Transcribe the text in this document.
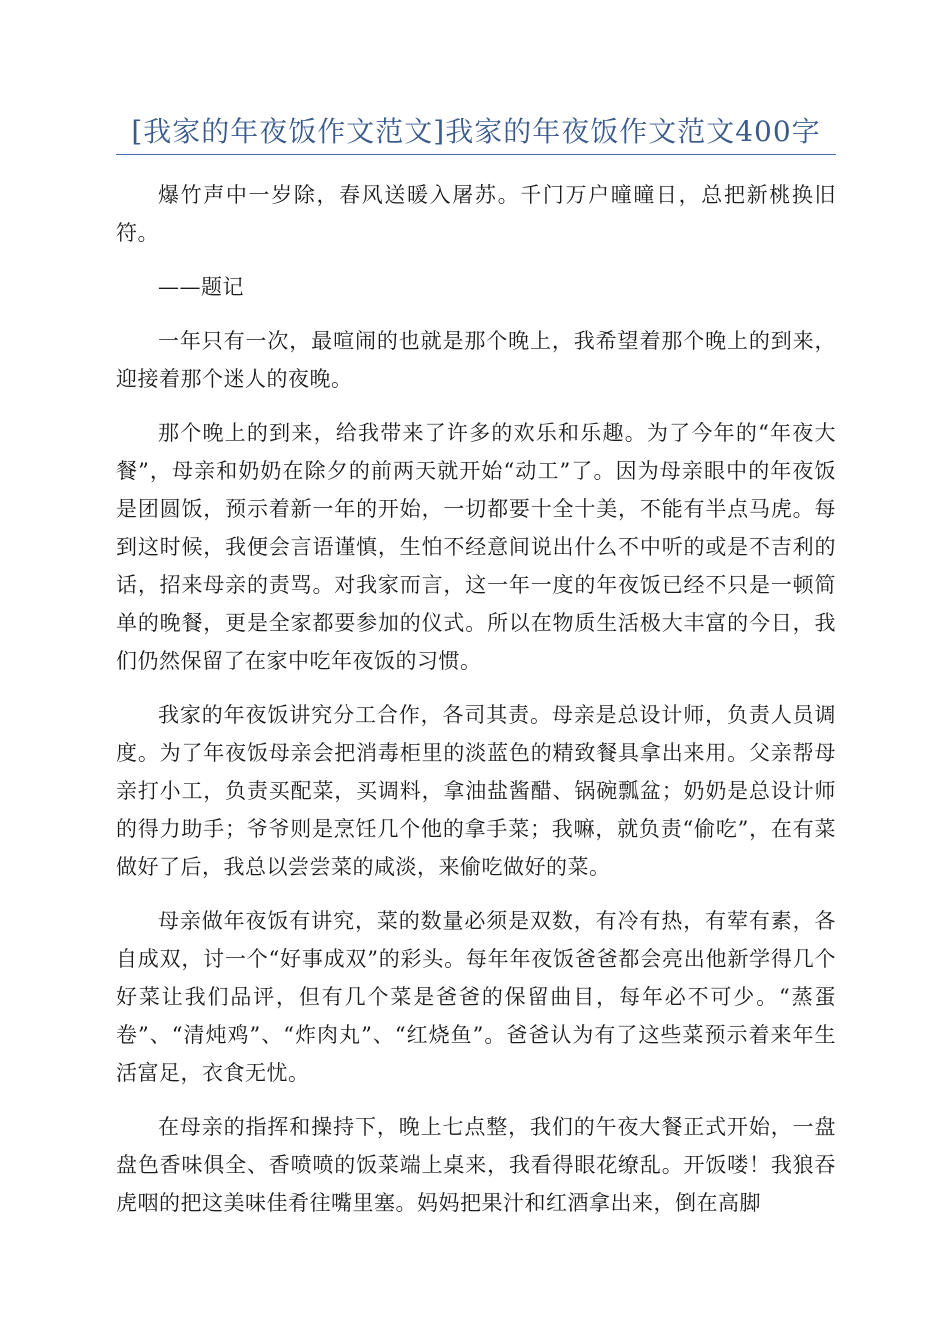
[我家的年夜饭作文范文]我家的年夜饭作文范文400字

爆竹声中一岁除，春风送暖入屠苏。千门万户曈曈日，总把新桃换旧符。

——题记

一年只有一次，最喧闹的也就是那个晚上，我希望着那个晚上的到来，迎接着那个迷人的夜晚。

那个晚上的到来，给我带来了许多的欢乐和乐趣。为了今年的“年夜大餐”，母亲和奶奶在除夕的前两天就开始“动工”了。因为母亲眼中的年夜饭是团圆饭，预示着新一年的开始，一切都要十全十美，不能有半点马虎。每到这时候，我便会言语谨慎，生怕不经意间说出什么不中听的或是不吉利的话，招来母亲的责骂。对我家而言，这一年一度的年夜饭已经不只是一顿简单的晚餐，更是全家都要参加的仪式。所以在物质生活极大丰富的今日，我们仍然保留了在家中吃年夜饭的习惯。

我家的年夜饭讲究分工合作，各司其责。母亲是总设计师，负责人员调度。为了年夜饭母亲会把消毒柜里的淡蓝色的精致餐具拿出来用。父亲帮母亲打小工，负责买配菜，买调料，拿油盐酱醋、锅碗瓢盆；奶奶是总设计师的得力助手；爷爷则是烹饪几个他的拿手菜；我嘛，就负责“偷吃”，在有菜做好了后，我总以尝尝菜的咸淡，来偷吃做好的菜。

母亲做年夜饭有讲究，菜的数量必须是双数，有冷有热，有荤有素，各自成双，讨一个“好事成双”的彩头。每年年夜饭爸爸都会亮出他新学得几个好菜让我们品评，但有几个菜是爸爸的保留曲目，每年必不可少。“蒸蛋卷”、“清炖鸡”、“炸肉丸”、“红烧鱼”。爸爸认为有了这些菜预示着来年生活富足，衣食无忧。

在母亲的指挥和操持下，晚上七点整，我们的午夜大餐正式开始，一盘盘色香味俱全、香喷喷的饭菜端上桌来，我看得眼花缭乱。开饭喽！我狼吞虎咽的把这美味佳肴往嘴里塞。妈妈把果汁和红酒拿出来，倒在高脚
